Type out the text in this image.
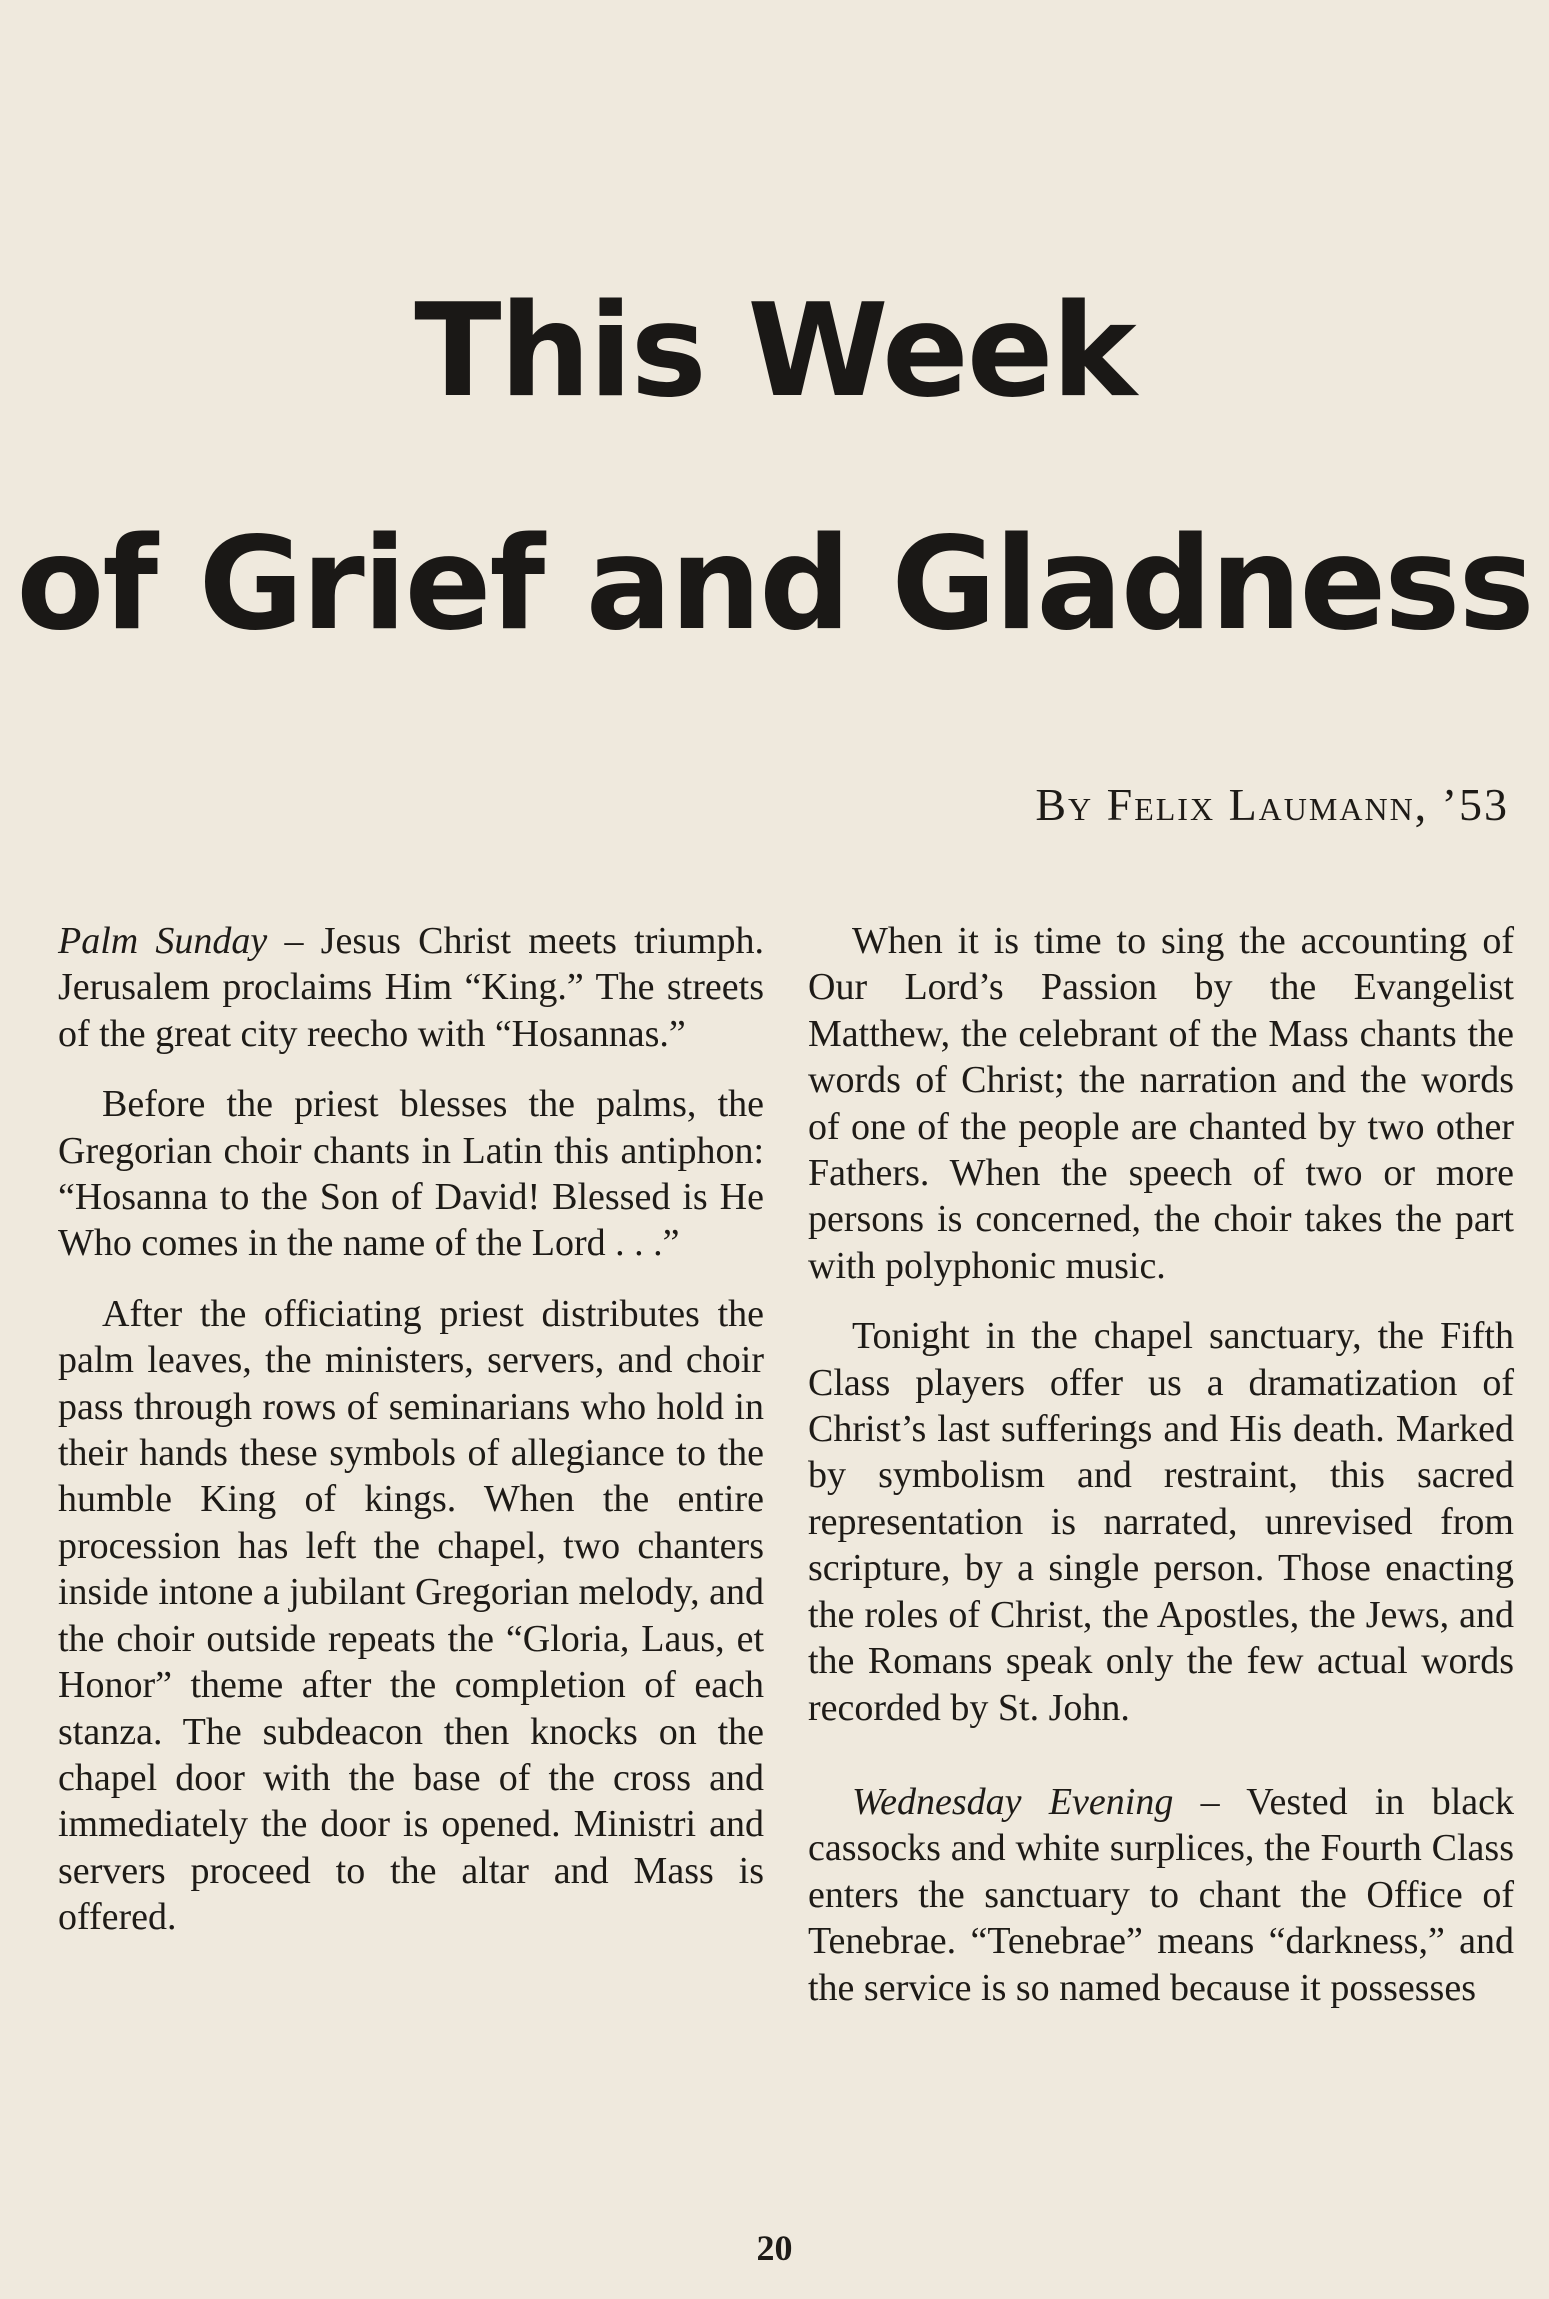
This Week
of Grief and Gladness
By Felix Laumann, ’53

Palm Sunday – Jesus Christ meets triumph. Jerusalem proclaims Him “King.” The streets of the great city reecho with “Hosannas.”

Before the priest blesses the palms, the Gregorian choir chants in Latin this antiphon: “Hosanna to the Son of David! Blessed is He Who comes in the name of the Lord . . .”

After the officiating priest distributes the palm leaves, the ministers, servers, and choir pass through rows of seminarians who hold in their hands these symbols of allegiance to the humble King of kings. When the entire procession has left the chapel, two chanters inside intone a jubilant Gregorian melody, and the choir outside repeats the “Gloria, Laus, et Honor” theme after the completion of each stanza. The subdeacon then knocks on the chapel door with the base of the cross and immediately the door is opened. Ministri and servers proceed to the altar and Mass is offered.

When it is time to sing the accounting of Our Lord’s Passion by the Evangelist Matthew, the celebrant of the Mass chants the words of Christ; the narration and the words of one of the people are chanted by two other Fathers. When the speech of two or more persons is concerned, the choir takes the part with polyphonic music.

Tonight in the chapel sanctuary, the Fifth Class players offer us a dramatization of Christ’s last sufferings and His death. Marked by symbolism and restraint, this sacred representation is narrated, unrevised from scripture, by a single person. Those enacting the roles of Christ, the Apostles, the Jews, and the Romans speak only the few actual words recorded by St. John.

Wednesday Evening – Vested in black cassocks and white surplices, the Fourth Class enters the sanctuary to chant the Office of Tenebrae. “Tenebrae” means “darkness,” and the service is so named because it possesses

20
